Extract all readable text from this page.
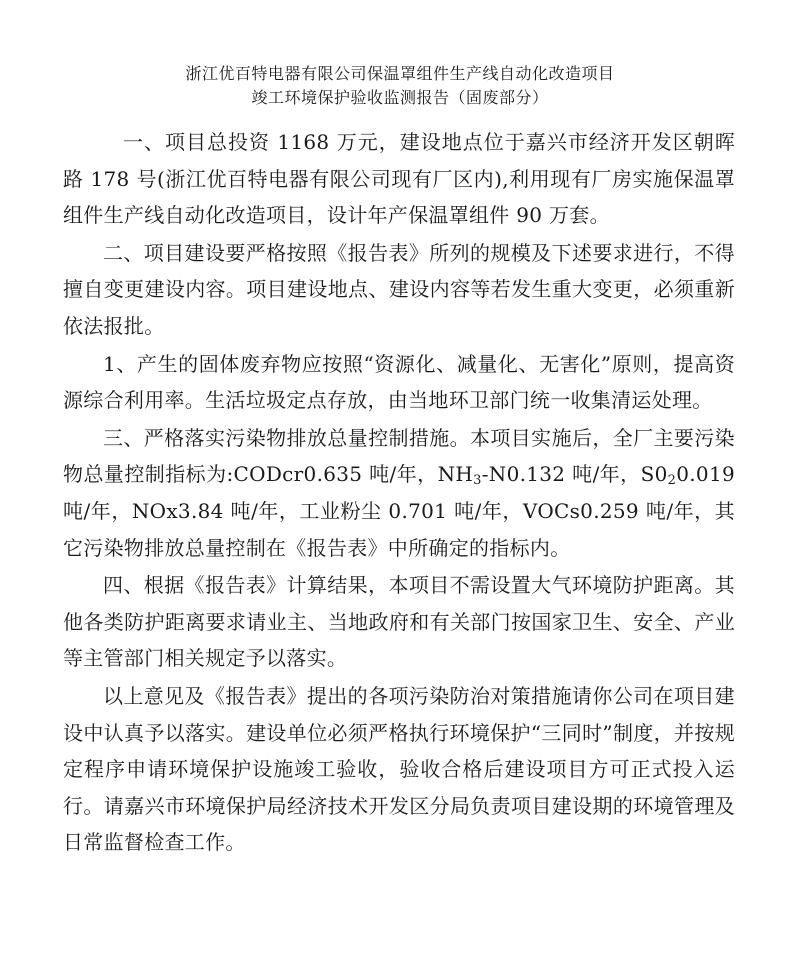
浙江优百特电器有限公司保温罩组件生产线自动化改造项目
竣工环境保护验收监测报告（固废部分）

一、项目总投资 1168 万元，建设地点位于嘉兴市经济开发区朝晖路 178 号(浙江优百特电器有限公司现有厂区内),利用现有厂房实施保温罩组件生产线自动化改造项目，设计年产保温罩组件 90 万套。

二、项目建设要严格按照《报告表》所列的规模及下述要求进行，不得擅自变更建设内容。项目建设地点、建设内容等若发生重大变更，必须重新依法报批。

1、产生的固体废弃物应按照“资源化、减量化、无害化”原则，提高资源综合利用率。生活垃圾定点存放，由当地环卫部门统一收集清运处理。

三、严格落实污染物排放总量控制措施。本项目实施后，全厂主要污染物总量控制指标为:CODcr0.635 吨/年，$NH_3-N0.132$ 吨/年，$S0_20.019$ 吨/年，NOx3.84 吨/年，工业粉尘 0.701 吨/年，VOCs0.259 吨/年，其它污染物排放总量控制在《报告表》中所确定的指标内。

四、根据《报告表》计算结果，本项目不需设置大气环境防护距离。其他各类防护距离要求请业主、当地政府和有关部门按国家卫生、安全、产业等主管部门相关规定予以落实。

以上意见及《报告表》提出的各项污染防治对策措施请你公司在项目建设中认真予以落实。建设单位必须严格执行环境保护“三同时”制度，并按规定程序申请环境保护设施竣工验收，验收合格后建设项目方可正式投入运行。请嘉兴市环境保护局经济技术开发区分局负责项目建设期的环境管理及日常监督检查工作。
